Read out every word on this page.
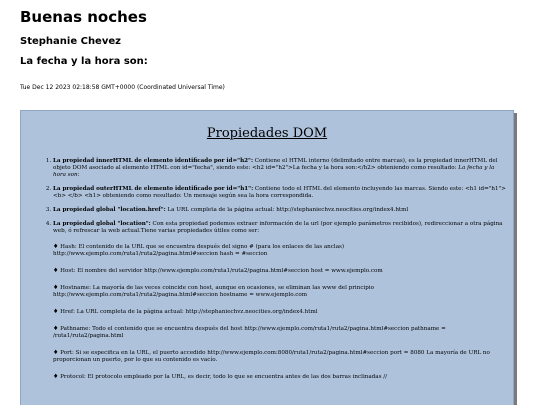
Buenas noches
Stephanie Chevez
La fecha y la hora son:
Tue Dec 12 2023 02:18:58 GMT+0000 (Coordinated Universal Time)
Propiedades DOM
1. La propiedad innerHTML de elemento identificado por id="h2": Contiene el HTML interno (delimitado entre marcas), es la propiedad innerHTML del objeto DOM asociado al elemento HTML con id="fecha", siendo este: <h2 id="h2">La fecha y la hora son:</h2> obteniendo como resultado: La fecha y la hora son:
2. La propiedad outerHTML de elemento identificado por id="h1": Contiene todo el HTML del elemento incluyendo las marcas. Siendo este: <h1 id="h1"> <b> </b> <h1> obteniendo como resultado: Un mensaje según sea la hora correspondida.
3. La propiedad global "location.href": La URL completa de la página actual: http://stephaniechvz.neocities.org/index4.html
4. La propiedad global "location": Con esta propiedad podemos extraer información de la url (por ejemplo parámetros recibidos), redireccionar a otra página web, ó refrescar la web actual.Tiene varias propiedades útiles como ser:

♦ Hash: El contenido de la URL que se encuentra después del signo # (para los enlaces de las anclas) http://www.ejemplo.com/ruta1/ruta2/pagina.html#seccion hash = #seccion

♦ Host: El nombre del servidor http://www.ejemplo.com/ruta1/ruta2/pagina.html#seccion host = www.ejemplo.com

♦ Hostname: La mayoría de las veces coincide con host, aunque en ocasiones, se eliminan las www del principio http://www.ejemplo.com/ruta1/ruta2/pagina.html#seccion hostname = www.ejemplo.com

♦ Href: La URL completa de la página actual: http://stephaniechvz.neocities.org/index4.html

♦ Pathname: Todo el contenido que se encuentra después del host http://www.ejemplo.com/ruta1/ruta2/pagina.html#seccion pathname = /ruta1/ruta2/pagina.html

♦ Port: Si se especifica en la URL, el puerto accedido http://www.ejemplo.com:8080/ruta1/ruta2/pagina.html#seccion port = 8080 La mayoría de URL no proporcionan un puerto, por lo que su contenido es vacío.

♦ Protocol: El protocolo empleado por la URL, es decir, todo lo que se encuentra antes de las dos barras inclinadas //
